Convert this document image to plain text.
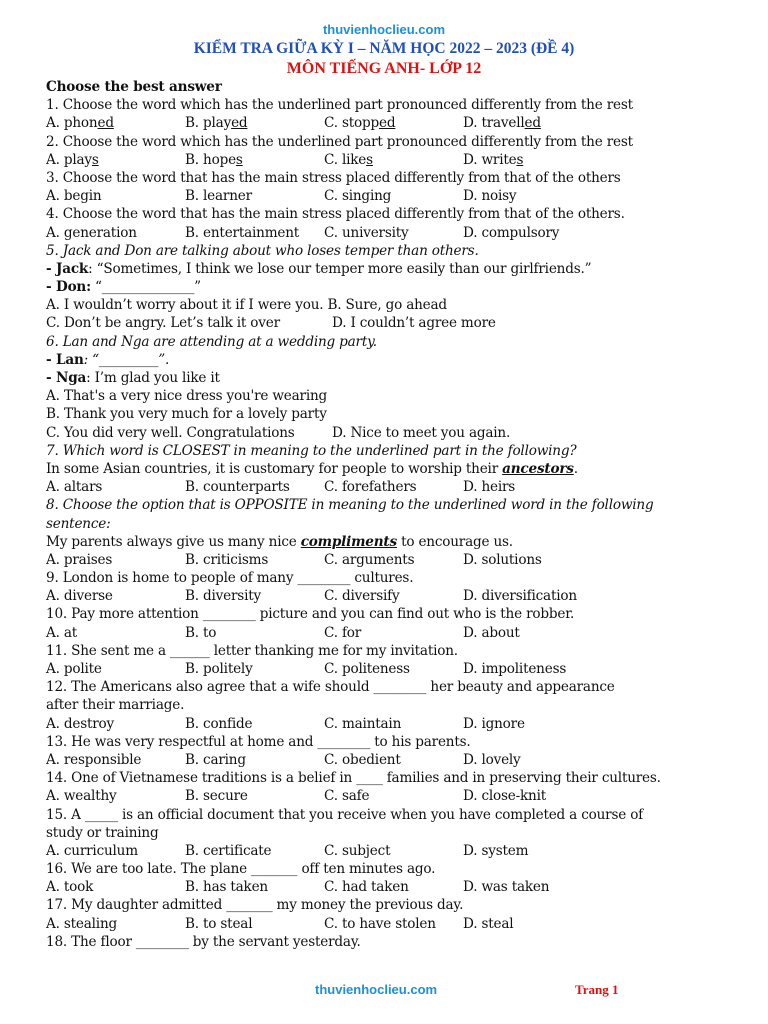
thuvienhoclieu.com
KIỂM TRA GIỮA KỲ I – NĂM HỌC 2022 – 2023 (ĐỀ 4)
MÔN TIẾNG ANH- LỚP 12
Choose the best answer
1. Choose the word which has the underlined part pronounced differently from the rest
A. phoned	B. played	C. stopped	D. travelled
2. Choose the word which has the underlined part pronounced differently from the rest
A. plays	B. hopes	C. likes	D. writes
3. Choose the word that has the main stress placed differently from that of the others
A. begin	B. learner	C. singing	D. noisy
4. Choose the word that has the main stress placed differently from that of the others.
A. generation	B. entertainment	C. university	D. compulsory
5. Jack and Don are talking about who loses temper than others.
- Jack: “Sometimes, I think we lose our temper more easily than our girlfriends.”
- Don: “______________”
A. I wouldn’t worry about it if I were you. B. Sure, go ahead
C. Don’t be angry. Let’s talk it over	D. I couldn’t agree more
6. Lan and Nga are attending at a wedding party.
- Lan: “_________”.
- Nga: I’m glad you like it
A. That's a very nice dress you're wearing
B. Thank you very much for a lovely party
C. You did very well. Congratulations	D. Nice to meet you again.
7. Which word is CLOSEST in meaning to the underlined part in the following?
In some Asian countries, it is customary for people to worship their ancestors.
A. altars	B. counterparts	C. forefathers	D. heirs
8. Choose the option that is OPPOSITE in meaning to the underlined word in the following
sentence:
My parents always give us many nice compliments to encourage us.
A. praises	B. criticisms	C. arguments	D. solutions
9. London is home to people of many ________ cultures.
A. diverse	B. diversity	C. diversify	D. diversification
10. Pay more attention ________ picture and you can find out who is the robber.
A. at	B. to	C. for	D. about
11. She sent me a ______ letter thanking me for my invitation.
A. polite	B. politely	C. politeness	D. impoliteness
12. The Americans also agree that a wife should ________ her beauty and appearance
after their marriage.
A. destroy	B. confide	C. maintain	D. ignore
13. He was very respectful at home and ________ to his parents.
A. responsible	B. caring	C. obedient	D. lovely
14. One of Vietnamese traditions is a belief in ____ families and in preserving their cultures.
A. wealthy	B. secure	C. safe	D. close-knit
15. A _____ is an official document that you receive when you have completed a course of
study or training
A. curriculum	B. certificate	C. subject	D. system
16. We are too late. The plane _______ off ten minutes ago.
A. took	B. has taken	C. had taken	D. was taken
17. My daughter admitted _______ my money the previous day.
A. stealing	B. to steal	C. to have stolen	D. steal
18. The floor ________ by the servant yesterday.
thuvienhoclieu.com	Trang 1
